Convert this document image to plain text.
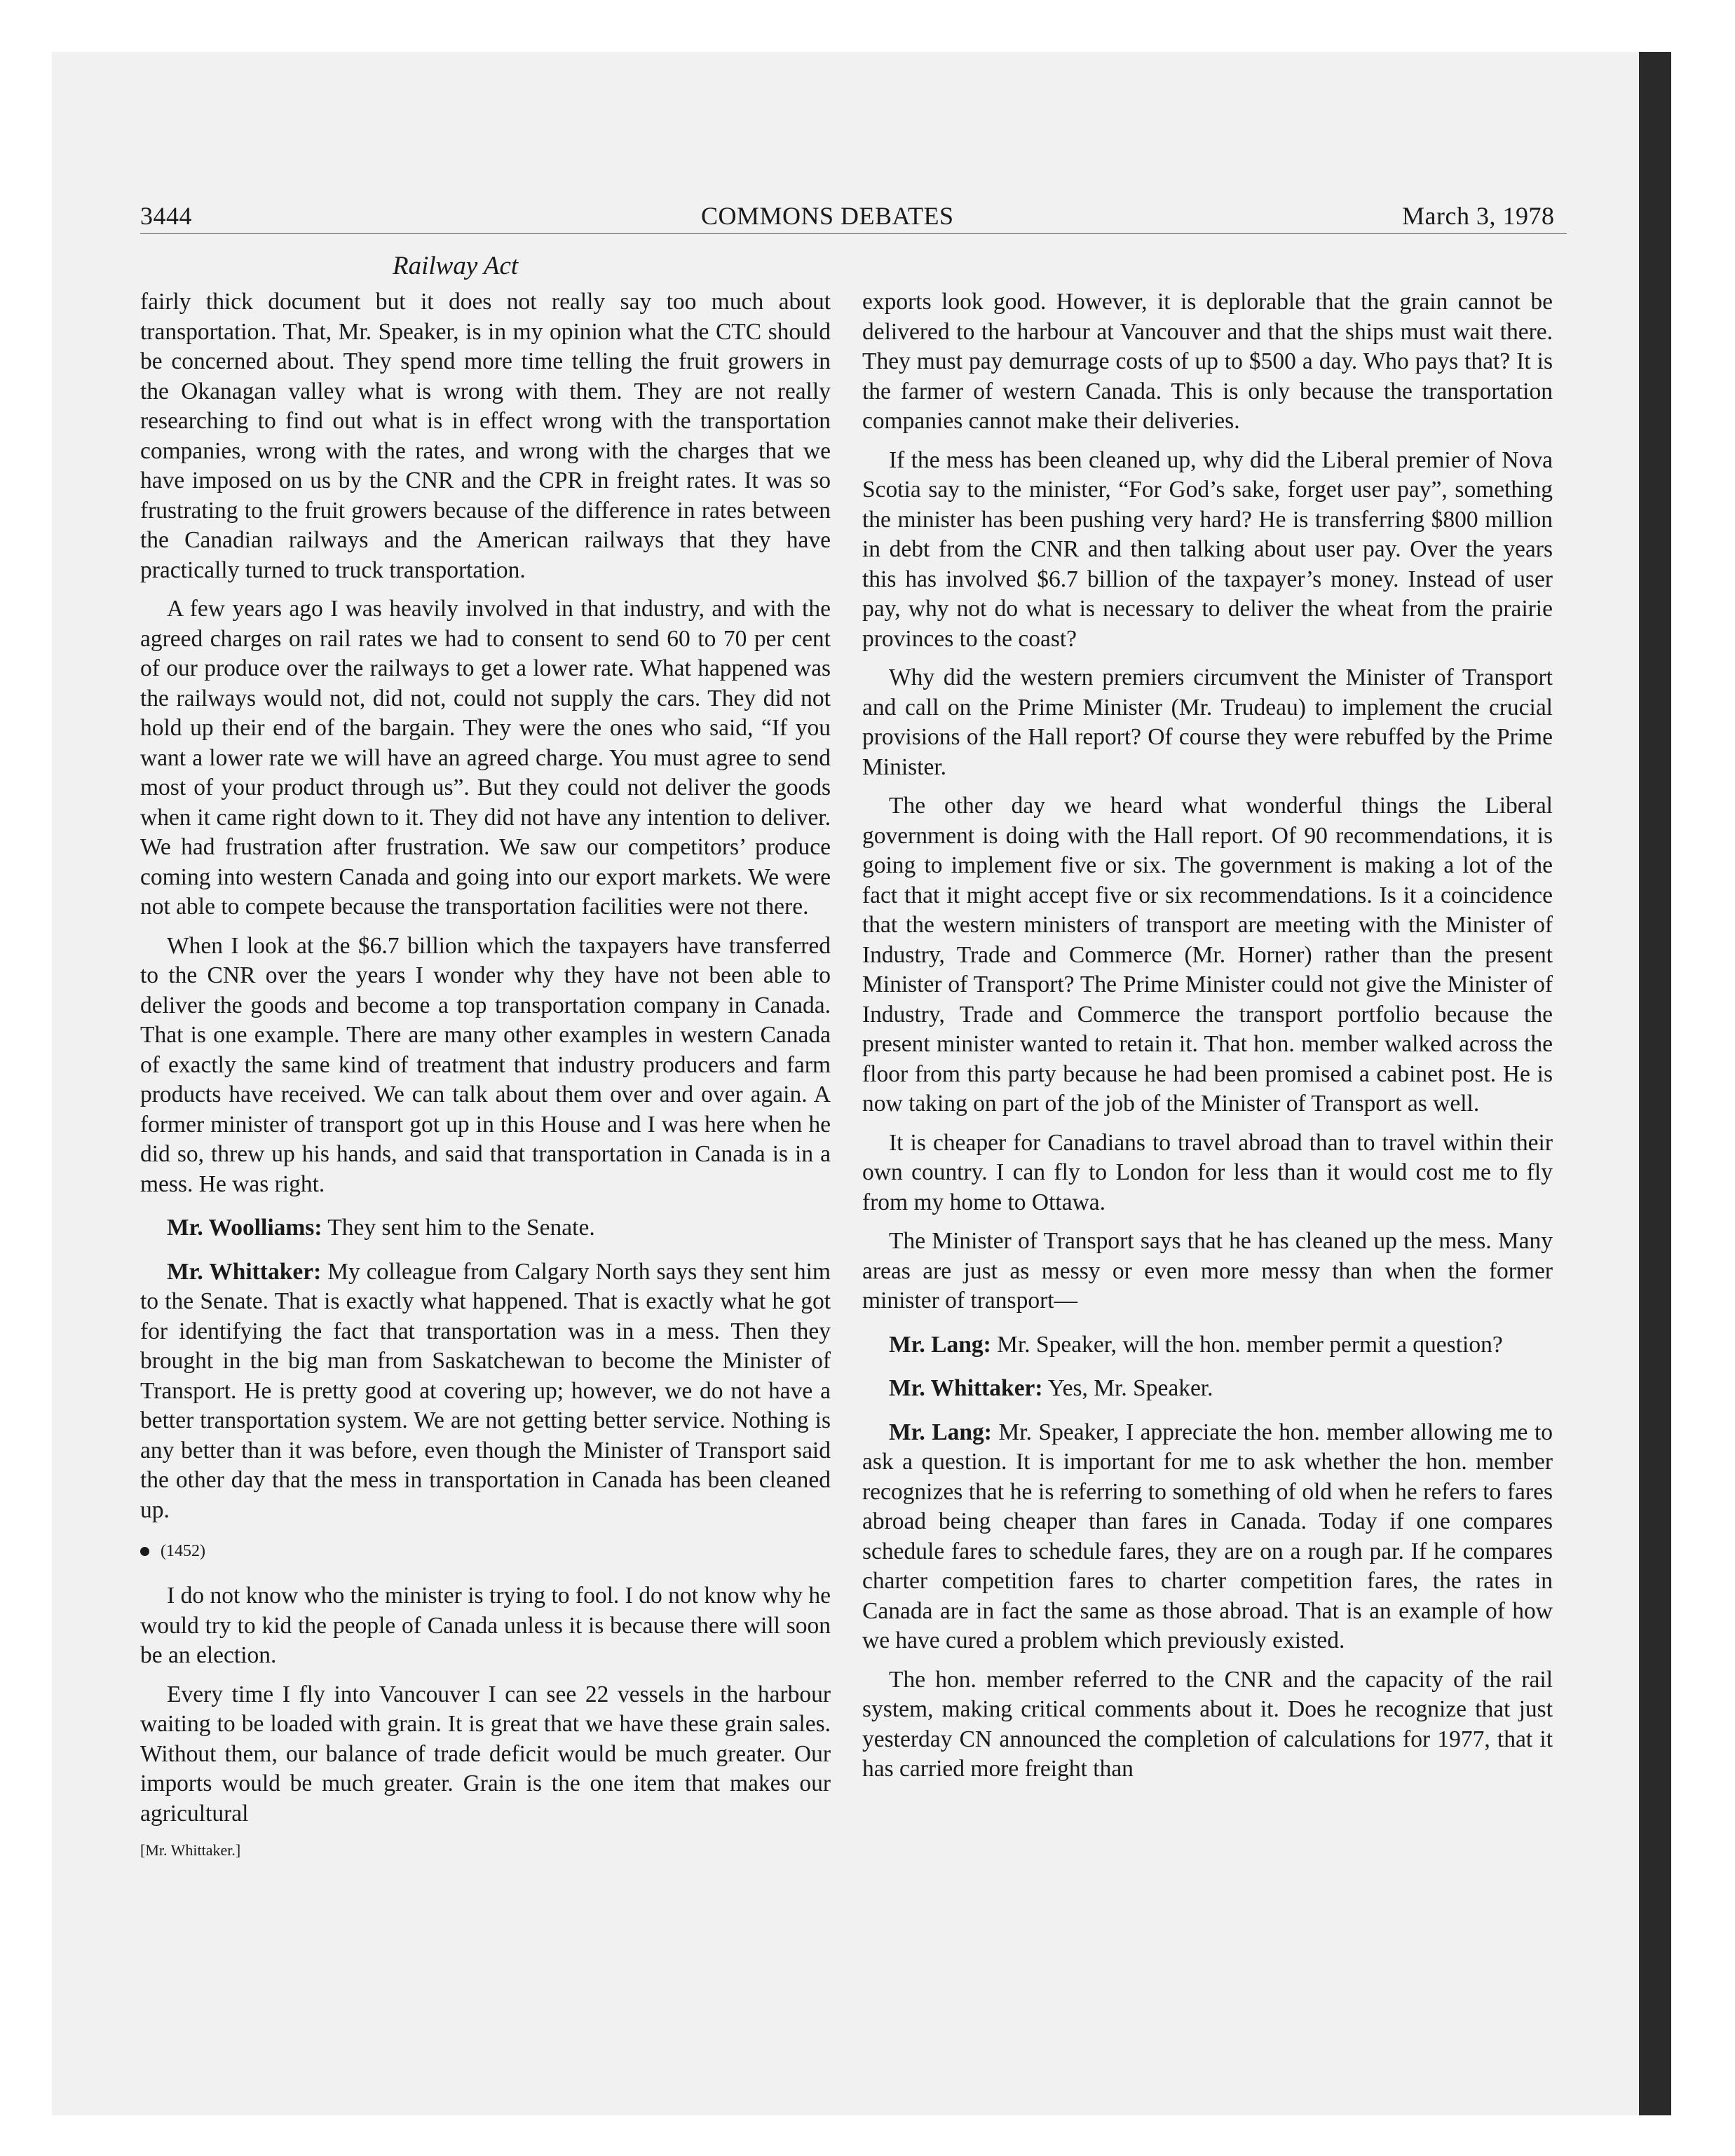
3444	COMMONS DEBATES	March 3, 1978
Railway Act

fairly thick document but it does not really say too much about transportation. That, Mr. Speaker, is in my opinion what the CTC should be concerned about. They spend more time telling the fruit growers in the Okanagan valley what is wrong with them. They are not really researching to find out what is in effect wrong with the transportation companies, wrong with the rates, and wrong with the charges that we have imposed on us by the CNR and the CPR in freight rates. It was so frustrating to the fruit growers because of the difference in rates between the Canadian railways and the American railways that they have practically turned to truck transportation.

A few years ago I was heavily involved in that industry, and with the agreed charges on rail rates we had to consent to send 60 to 70 per cent of our produce over the railways to get a lower rate. What happened was the railways would not, did not, could not supply the cars. They did not hold up their end of the bargain. They were the ones who said, “If you want a lower rate we will have an agreed charge. You must agree to send most of your product through us”. But they could not deliver the goods when it came right down to it. They did not have any intention to deliver. We had frustration after frustration. We saw our competitors’ produce coming into western Canada and going into our export markets. We were not able to compete because the transportation facilities were not there.

When I look at the $6.7 billion which the taxpayers have transferred to the CNR over the years I wonder why they have not been able to deliver the goods and become a top transportation company in Canada. That is one example. There are many other examples in western Canada of exactly the same kind of treatment that industry producers and farm products have received. We can talk about them over and over again. A former minister of transport got up in this House and I was here when he did so, threw up his hands, and said that transportation in Canada is in a mess. He was right.

Mr. Woolliams: They sent him to the Senate.

Mr. Whittaker: My colleague from Calgary North says they sent him to the Senate. That is exactly what happened. That is exactly what he got for identifying the fact that transportation was in a mess. Then they brought in the big man from Saskatchewan to become the Minister of Transport. He is pretty good at covering up; however, we do not have a better transportation system. We are not getting better service. Nothing is any better than it was before, even though the Minister of Transport said the other day that the mess in transportation in Canada has been cleaned up.

(1452)

I do not know who the minister is trying to fool. I do not know why he would try to kid the people of Canada unless it is because there will soon be an election.

Every time I fly into Vancouver I can see 22 vessels in the harbour waiting to be loaded with grain. It is great that we have these grain sales. Without them, our balance of trade deficit would be much greater. Our imports would be much greater. Grain is the one item that makes our agricultural

[Mr. Whittaker.]

exports look good. However, it is deplorable that the grain cannot be delivered to the harbour at Vancouver and that the ships must wait there. They must pay demurrage costs of up to $500 a day. Who pays that? It is the farmer of western Canada. This is only because the transportation companies cannot make their deliveries.

If the mess has been cleaned up, why did the Liberal premier of Nova Scotia say to the minister, “For God’s sake, forget user pay”, something the minister has been pushing very hard? He is transferring $800 million in debt from the CNR and then talking about user pay. Over the years this has involved $6.7 billion of the taxpayer’s money. Instead of user pay, why not do what is necessary to deliver the wheat from the prairie provinces to the coast?

Why did the western premiers circumvent the Minister of Transport and call on the Prime Minister (Mr. Trudeau) to implement the crucial provisions of the Hall report? Of course they were rebuffed by the Prime Minister.

The other day we heard what wonderful things the Liberal government is doing with the Hall report. Of 90 recommendations, it is going to implement five or six. The government is making a lot of the fact that it might accept five or six recommendations. Is it a coincidence that the western ministers of transport are meeting with the Minister of Industry, Trade and Commerce (Mr. Horner) rather than the present Minister of Transport? The Prime Minister could not give the Minister of Industry, Trade and Commerce the transport portfolio because the present minister wanted to retain it. That hon. member walked across the floor from this party because he had been promised a cabinet post. He is now taking on part of the job of the Minister of Transport as well.

It is cheaper for Canadians to travel abroad than to travel within their own country. I can fly to London for less than it would cost me to fly from my home to Ottawa.

The Minister of Transport says that he has cleaned up the mess. Many areas are just as messy or even more messy than when the former minister of transport—

Mr. Lang: Mr. Speaker, will the hon. member permit a question?

Mr. Whittaker: Yes, Mr. Speaker.

Mr. Lang: Mr. Speaker, I appreciate the hon. member allowing me to ask a question. It is important for me to ask whether the hon. member recognizes that he is referring to something of old when he refers to fares abroad being cheaper than fares in Canada. Today if one compares schedule fares to schedule fares, they are on a rough par. If he compares charter competition fares to charter competition fares, the rates in Canada are in fact the same as those abroad. That is an example of how we have cured a problem which previously existed.

The hon. member referred to the CNR and the capacity of the rail system, making critical comments about it. Does he recognize that just yesterday CN announced the completion of calculations for 1977, that it has carried more freight than
